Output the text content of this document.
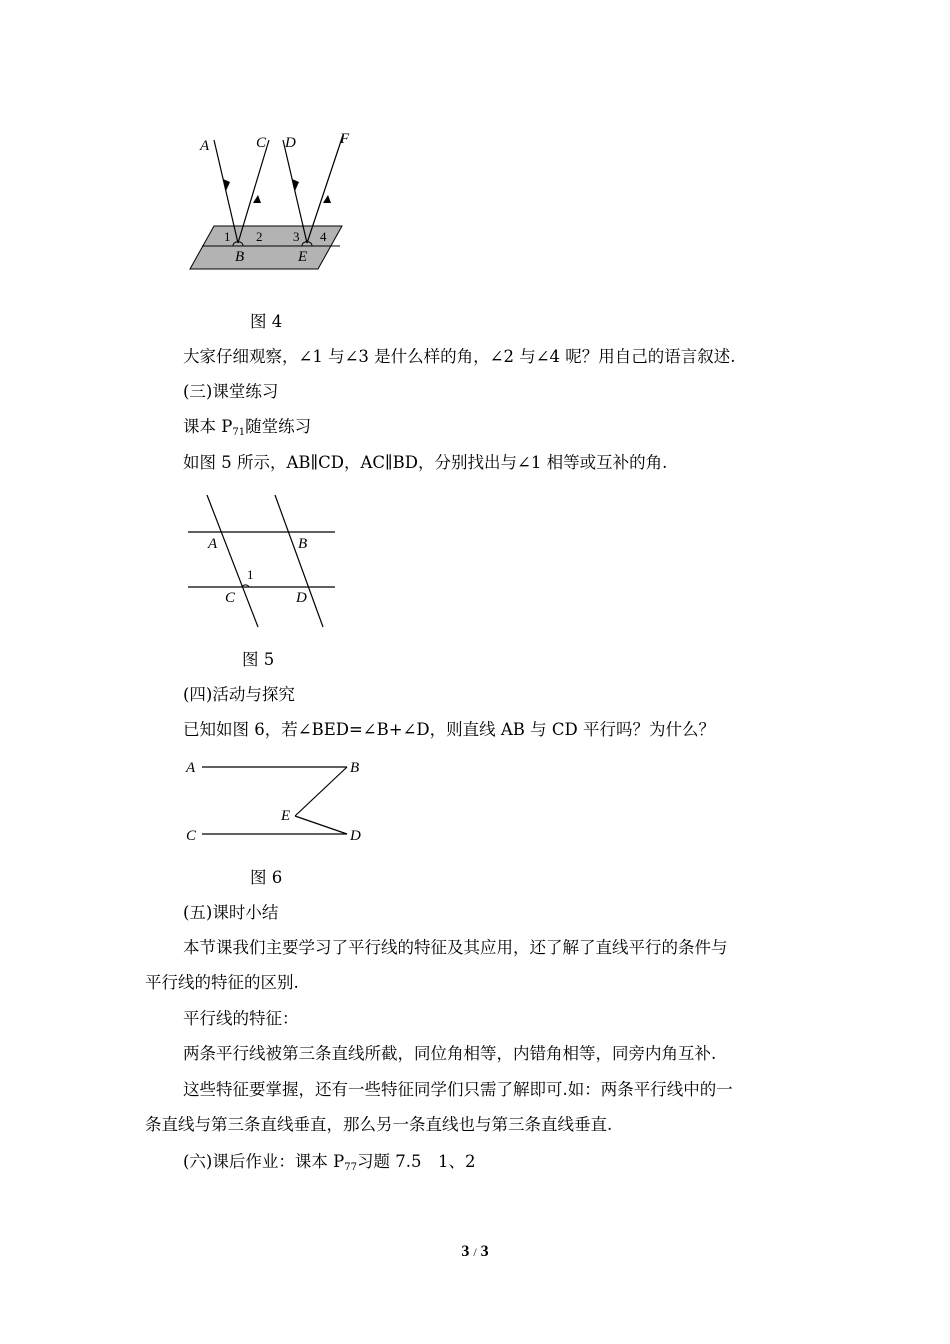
A	C D	F
1 2 3 4
B	E
图 4
大家仔细观察，∠1 与∠3 是什么样的角，∠2 与∠4 呢？用自己的语言叙述.
(三)课堂练习
课本 $P_{71}$随堂练习
如图 5 所示，AB∥CD，AC∥BD，分别找出与∠1 相等或互补的角.
A	B
1
C	D
图 5
(四)活动与探究
已知如图 6，若∠BED=∠B+∠D，则直线 AB 与 CD 平行吗？为什么？
A	B
E
C	D
图 6
(五)课时小结
本节课我们主要学习了平行线的特征及其应用，还了解了直线平行的条件与
平行线的特征的区别.
平行线的特征：
两条平行线被第三条直线所截，同位角相等，内错角相等，同旁内角互补.
这些特征要掌握，还有一些特征同学们只需了解即可.如：两条平行线中的一
条直线与第三条直线垂直，那么另一条直线也与第三条直线垂直.
(六)课后作业：课本 $P_{77}$习题 7.5　1、2
3 / 3
